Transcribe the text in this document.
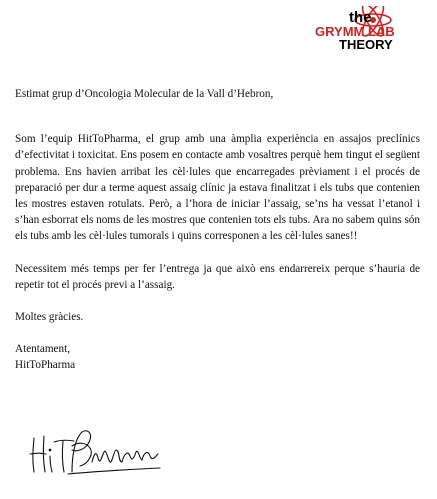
the
GRYMM LAB
THEORY

Estimat grup d’Oncologia Molecular de la Vall d’Hebron,

Som l’equip HitToPharma, el grup amb una àmplia experiència en assajos preclínics d’efectivitat i toxicitat. Ens posem en contacte amb vosaltres perquè hem tingut el següent problema. Ens havien arribat les cèl·lules que encarregades prèviament i el procés de preparació per dur a terme aquest assaig clínic ja estava finalitzat i els tubs que contenien les mostres estaven rotulats. Però, a l’hora de iniciar l’assaig, se’ns ha vessat l’etanol i s’han esborrat els noms de les mostres que contenien tots els tubs. Ara no sabem quins són els tubs amb les cèl·lules tumorals i quins corresponen a les cèl·lules sanes!!

Necessitem més temps per fer l’entrega ja que això ens endarrereix perque s’hauria de repetir tot el procés previ a l’assaig.

Moltes gràcies.

Atentament,

HitToPharma
